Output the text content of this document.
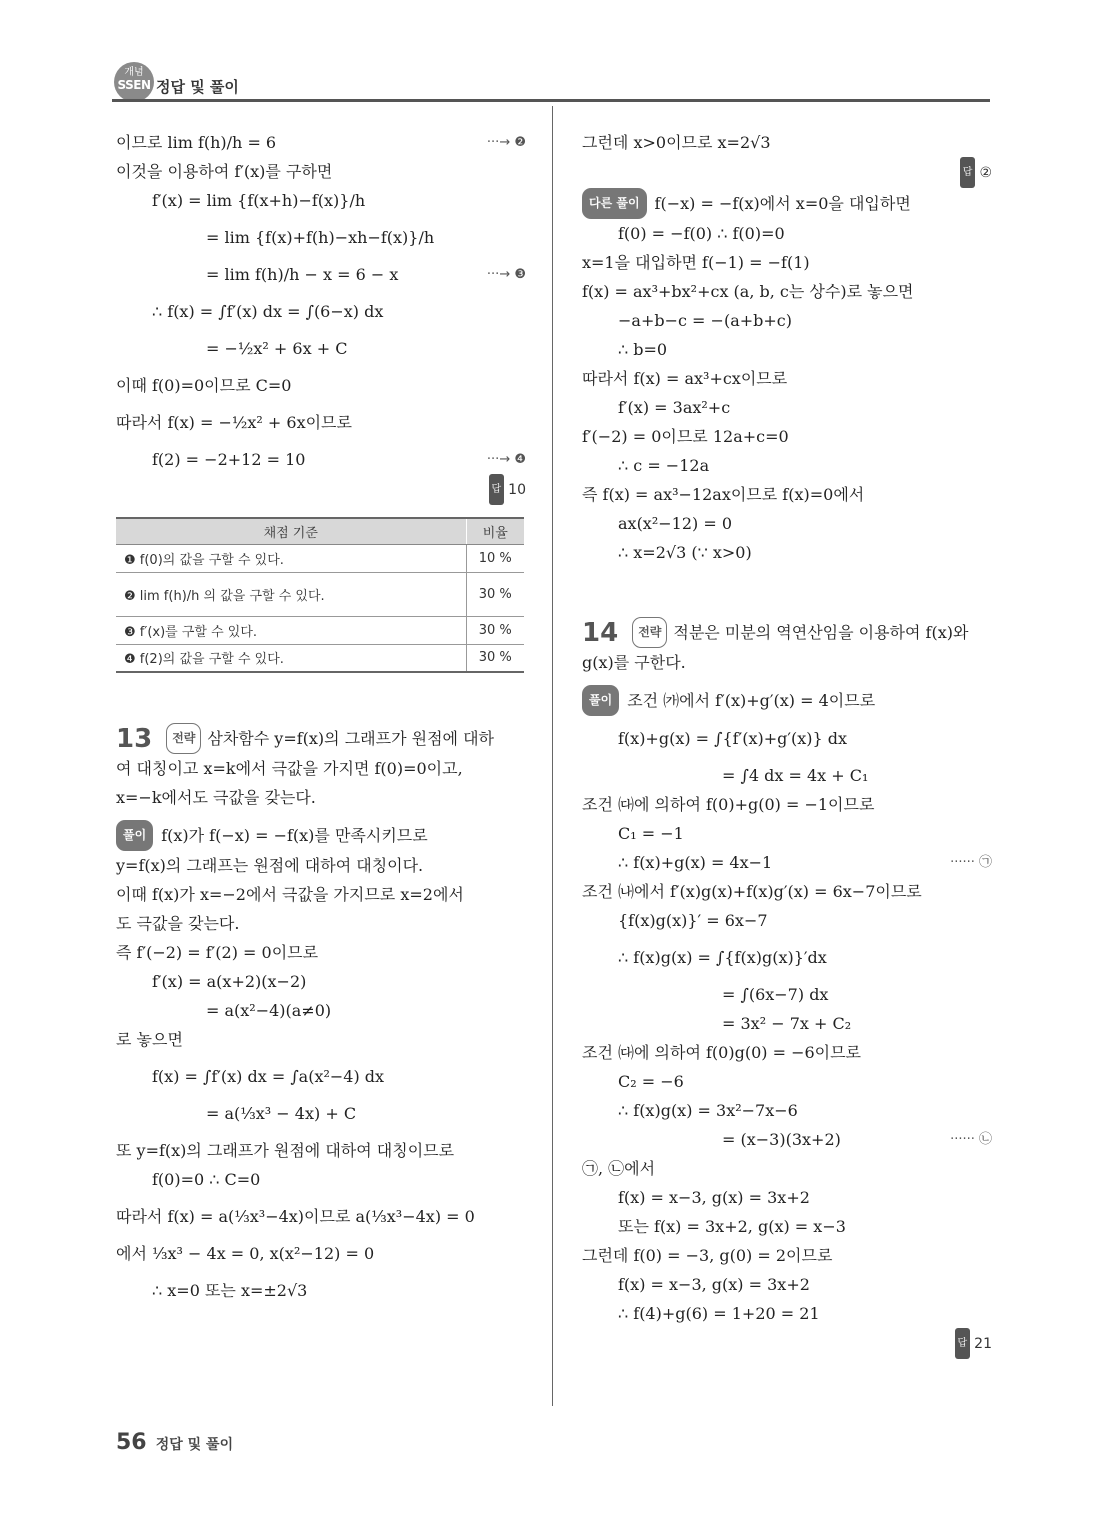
개념
SSEN 정답 및 풀이
이므로 lim f(h)/h = 6	···→ ❷
이것을 이용하여 f′(x)를 구하면
f′(x) = lim {f(x+h)−f(x)}/h
= lim {f(x)+f(h)−xh−f(x)}/h
= lim f(h)/h − x = 6 − x	···→ ❸
∴ f(x) = ∫f′(x) dx = ∫(6−x) dx
= −½x² + 6x + C
이때 f(0)=0이므로 C=0
따라서 f(x) = −½x² + 6x이므로
f(2) = −2+12 = 10	···→ ❹
답 10
채점 기준	비율
❶ f(0)의 값을 구할 수 있다.	10 %
❷ lim f(h)/h 의 값을 구할 수 있다.	30 %
❸ f′(x)를 구할 수 있다.	30 %
❹ f(2)의 값을 구할 수 있다.	30 %
13 전략 삼차함수 y=f(x)의 그래프가 원점에 대하
여 대칭이고 x=k에서 극값을 가지면 f(0)=0이고,
x=−k에서도 극값을 갖는다.
풀이 f(x)가 f(−x) = −f(x)를 만족시키므로
y=f(x)의 그래프는 원점에 대하여 대칭이다.
이때 f(x)가 x=−2에서 극값을 가지므로 x=2에서
도 극값을 갖는다.
즉 f′(−2) = f′(2) = 0이므로
f′(x) = a(x+2)(x−2)
= a(x²−4)(a≠0)
로 놓으면
f(x) = ∫f′(x) dx = ∫a(x²−4) dx
= a(⅓x³ − 4x) + C
또 y=f(x)의 그래프가 원점에 대하여 대칭이므로
f(0)=0 ∴ C=0
따라서 f(x) = a(⅓x³−4x)이므로 a(⅓x³−4x) = 0
에서 ⅓x³ − 4x = 0, x(x²−12) = 0
∴ x=0 또는 x=±2√3
그런데 x>0이므로 x=2√3
답 ②
다른 풀이 f(−x) = −f(x)에서 x=0을 대입하면
f(0) = −f(0) ∴ f(0)=0
x=1을 대입하면 f(−1) = −f(1)
f(x) = ax³+bx²+cx (a, b, c는 상수)로 놓으면
−a+b−c = −(a+b+c)
∴ b=0
따라서 f(x) = ax³+cx이므로
f′(x) = 3ax²+c
f′(−2) = 0이므로 12a+c=0
∴ c = −12a
즉 f(x) = ax³−12ax이므로 f(x)=0에서
ax(x²−12) = 0
∴ x=2√3 (∵ x>0)
14 전략 적분은 미분의 역연산임을 이용하여 f(x)와
g(x)를 구한다.
풀이 조건 ㈎에서 f′(x)+g′(x) = 4이므로
f(x)+g(x) = ∫{f′(x)+g′(x)} dx
= ∫4 dx = 4x + C₁
조건 ㈐에 의하여 f(0)+g(0) = −1이므로
C₁ = −1
∴ f(x)+g(x) = 4x−1	······ ㉠
조건 ㈏에서 f′(x)g(x)+f(x)g′(x) = 6x−7이므로
{f(x)g(x)}′ = 6x−7
∴ f(x)g(x) = ∫{f(x)g(x)}′dx
= ∫(6x−7) dx
= 3x² − 7x + C₂
조건 ㈐에 의하여 f(0)g(0) = −6이므로
C₂ = −6
∴ f(x)g(x) = 3x²−7x−6
= (x−3)(3x+2)	······ ㉡
㉠, ㉡에서
f(x) = x−3, g(x) = 3x+2
또는 f(x) = 3x+2, g(x) = x−3
그런데 f(0) = −3, g(0) = 2이므로
f(x) = x−3, g(x) = 3x+2
∴ f(4)+g(6) = 1+20 = 21
답 21
56 정답 및 풀이
